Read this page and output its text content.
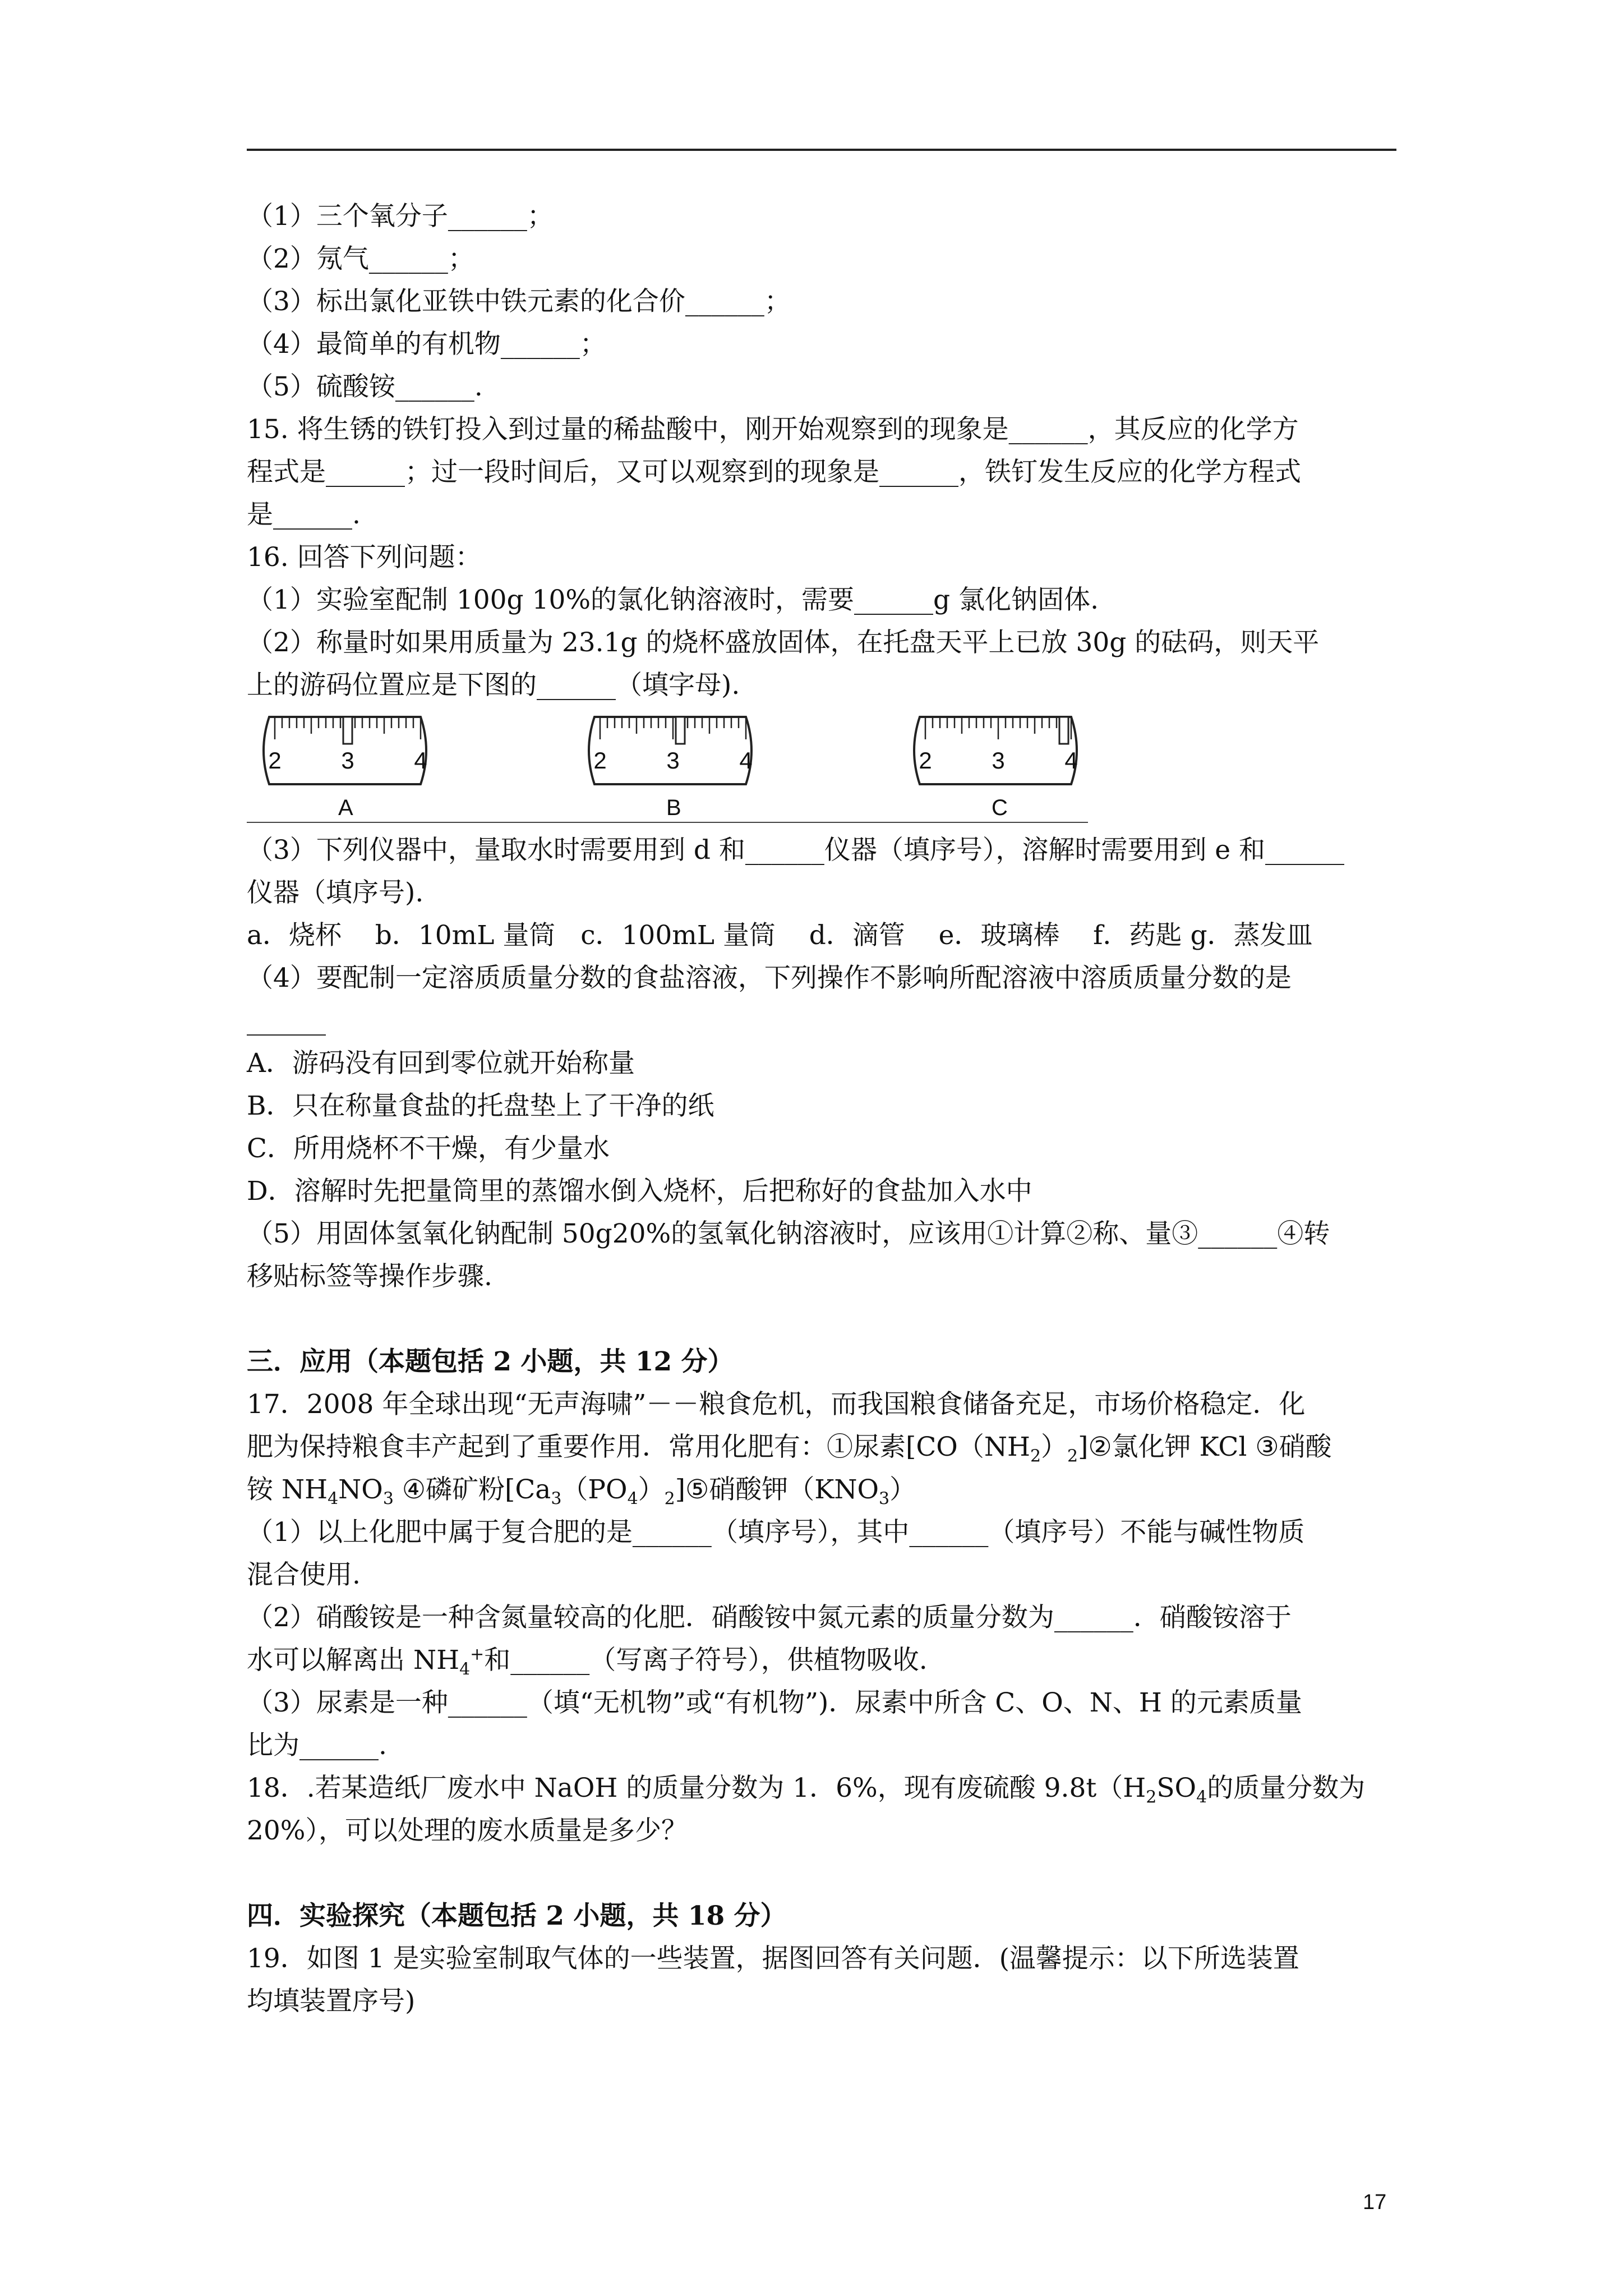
（1）三个氧分子______；

（2）氖气______；

（3）标出氯化亚铁中铁元素的化合价______；

（4）最简单的有机物______；

（5）硫酸铵______.

15. 将生锈的铁钉投入到过量的稀盐酸中，刚开始观察到的现象是______，其反应的化学方

程式是______；过一段时间后，又可以观察到的现象是______，铁钉发生反应的化学方程式

是______.

16. 回答下列问题：

（1）实验室配制 100g 10%的氯化钠溶液时，需要______g 氯化钠固体.

（2）称量时如果用质量为 23.1g 的烧杯盛放固体，在托盘天平上已放 30g 的砝码，则天平

上的游码位置应是下图的______（填字母).

2	3	4	2	3	4	2	3	4
A	B	C

（3）下列仪器中，量取水时需要用到 d 和______仪器（填序号），溶解时需要用到 e 和______

仪器（填序号).

a．烧杯    b．10mL 量筒   c．100mL 量筒    d．滴管    e．玻璃棒    f．药匙 g．蒸发皿

（4）要配制一定溶质质量分数的食盐溶液，下列操作不影响所配溶液中溶质质量分数的是

______

A．游码没有回到零位就开始称量

B．只在称量食盐的托盘垫上了干净的纸

C．所用烧杯不干燥，有少量水

D．溶解时先把量筒里的蒸馏水倒入烧杯，后把称好的食盐加入水中

（5）用固体氢氧化钠配制 50g20%的氢氧化钠溶液时，应该用①计算②称、量③______④转

移贴标签等操作步骤.

三．应用（本题包括 2 小题，共 12 分）

17．2008 年全球出现“无声海啸”－－粮食危机，而我国粮食储备充足，市场价格稳定．化

肥为保持粮食丰产起到了重要作用．常用化肥有：①尿素$[CO(NH_2)_2]②$氯化钾 KCl ③硝酸

铵 $NH_4NO_3$ ④磷矿粉$[Ca_3(PO_4)_2]⑤$硝酸钾$(KNO_3)$

（1）以上化肥中属于复合肥的是______（填序号），其中______（填序号）不能与碱性物质

混合使用.

（2）硝酸铵是一种含氮量较高的化肥．硝酸铵中氮元素的质量分数为______．硝酸铵溶于

水可以解离出 $NH_4^+$和______（写离子符号），供植物吸收.

（3）尿素是一种______（填“无机物”或“有机物”)．尿素中所含 C、O、N、H 的元素质量

比为______.

18．.若某造纸厂废水中 NaOH 的质量分数为 1．6%，现有废硫酸 $9.8t(H_2SO_4$的质量分数为

20%），可以处理的废水质量是多少？

四．实验探究（本题包括 2 小题，共 18 分）

19．如图 1 是实验室制取气体的一些装置，据图回答有关问题．(温馨提示：以下所选装置

均填装置序号)

17
